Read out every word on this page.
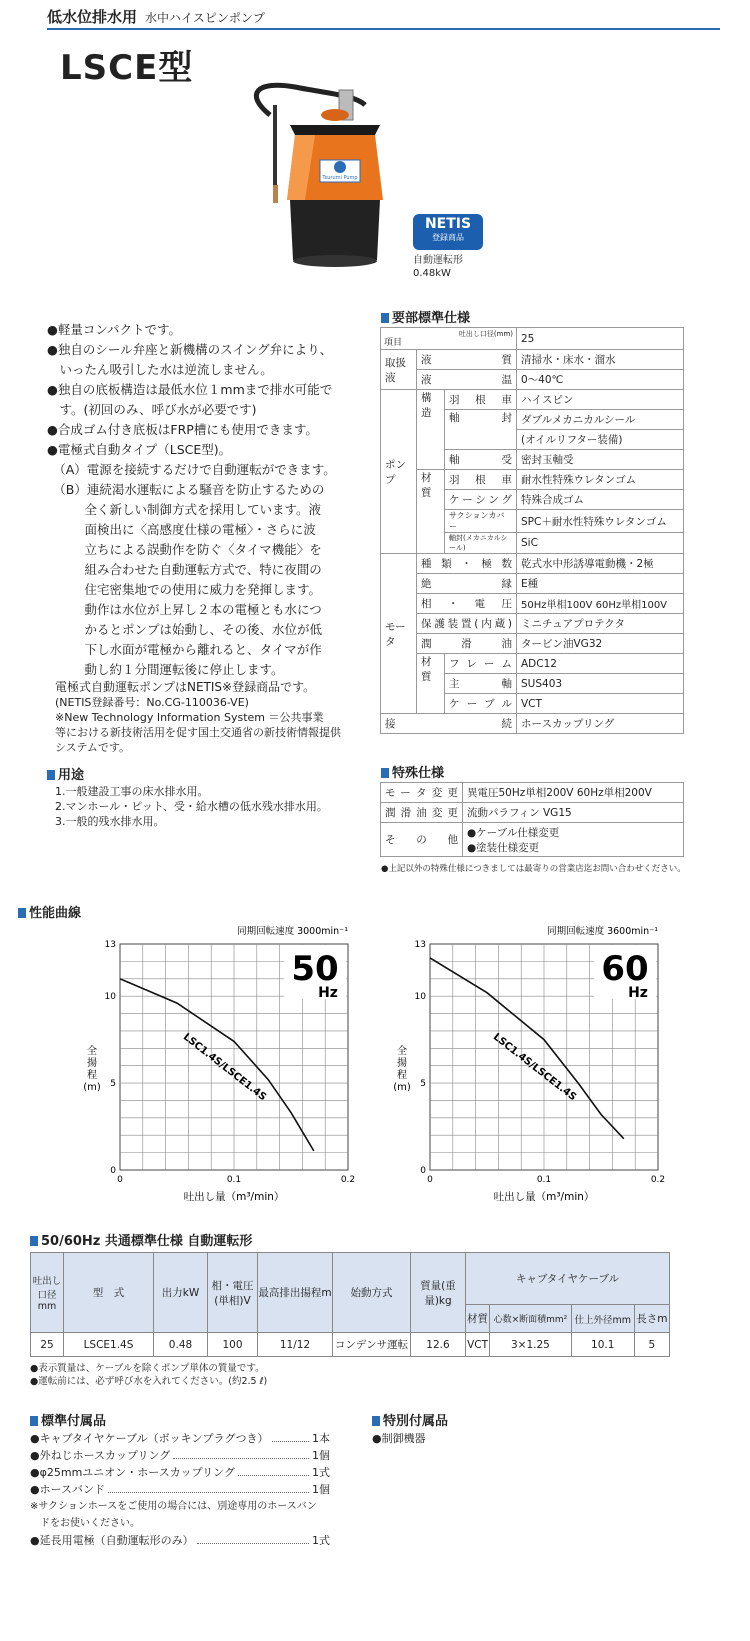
低水位排水用 水中ハイスピンポンプ
LSCE型
Tsurumi Pump
NETIS
登録商品
自動運転形
0.48kW
●軽量コンパクトです。
●独自のシール弁座と新機構のスイング弁により、
　いったん吸引した水は逆流しません。
●独自の底板構造は最低水位１mmまで排水可能で
　す。(初回のみ、呼び水が必要です)
●合成ゴム付き底板はFRP槽にも使用できます。
●電極式自動タイプ（LSCE型)。
　（A）電源を接続するだけで自動運転ができます。
　（B）連続渇水運転による騒音を防止するための
　　　全く新しい制御方式を採用しています。液
　　　面検出に〈高感度仕様の電極〉・さらに波
　　　立ちによる誤動作を防ぐ〈タイマ機能〉を
　　　組み合わせた自動運転方式で、特に夜間の
　　　住宅密集地での使用に威力を発揮します。
　　　動作は水位が上昇し２本の電極とも水につ
　　　かるとポンプは始動し、その後、水位が低
　　　下し水面が電極から離れると、タイマが作
　　　動し約１分間運転後に停止します。
電極式自動運転ポンプはNETIS※登録商品です。
(NETIS登録番号：No.CG-110036-VE)
※New Technology Information System ＝公共事業
等における新技術活用を促す国土交通省の新技術情報提供
システムです。
用途
1.一般建設工事の床水排水用。
2.マンホール・ピット、受・給水槽の低水残水排水用。
3.一般的残水排水用。
要部標準仕様
吐出し口径(mm)
項目			25
取扱液	液　　　　質		清掃水・床水・溜水
	液　　　　温		0〜40℃
ポンプ	構造	羽　根　車	ハイスピン
		軸　　　封	ダブルメカニカルシール
			(オイルリフター装備)
		軸　　　受	密封玉軸受
	材質	羽　根　車	耐水性特殊ウレタンゴム
		ケーシング	特殊合成ゴム
		サクションカバー	SPC＋耐水性特殊ウレタンゴム
		軸封(メカニカルシール)	SiC
モータ	種類・極数		乾式水中形誘導電動機・2極
	絶　　　縁		E種
	相・電圧		50Hz単相100V 60Hz単相100V
	保護装置(内蔵)		ミニチュアプロテクタ
	潤　滑　油		タービン油VG32
	材質	フレーム	ADC12
		主　　　軸	SUS403
		ケーブル	VCT
接　　　　　　　　続			ホースカップリング
特殊仕様
モータ変更	異電圧50Hz単相200V 60Hz単相200V
潤滑油変更	流動パラフィン VG15
そ　の　他	●ケーブル仕様変更
●塗装仕様変更
●上記以外の特殊仕様につきましては最寄りの営業店迄お問い合わせください。
性能曲線
0
5
10
13
0	0.1	0.2
同期回転速度 3000min⁻¹
50
Hz
LSC1.4S/LSCE1.4S
全揚程(m)
吐出し量（m³/min）
0
5
10
13
0	0.1	0.2
同期回転速度 3600min⁻¹
60
Hz
LSC1.4S/LSCE1.4S
全揚程(m)
吐出し量（m³/min）
50/60Hz 共通標準仕様 自動運転形
吐出し口径mm	型　式	出力kW	相・電圧(単相)V	最高排出揚程m	始動方式	質量(重量)kg	キャブタイヤケーブル			
							材質	心数×断面積mm²	仕上外径mm	長さm
25	LSCE1.4S	0.48	100	11/12	コンデンサ運転	12.6	VCT	3×1.25	10.1	5
●表示質量は、ケーブルを除くポンプ単体の質量です。
●運転前には、必ず呼び水を入れてください。(約2.5 ℓ)
標準付属品
●キャブタイヤケーブル（ボッキンプラグつき）	1本
●外ねじホースカップリング	1個
●φ25mmユニオン・ホースカップリング	1式
●ホースバンド	1個
※サクションホースをご使用の場合には、別途専用のホースバン
　ドをお使いください。
●延長用電極（自動運転形のみ）	1式
特別付属品
●制御機器
